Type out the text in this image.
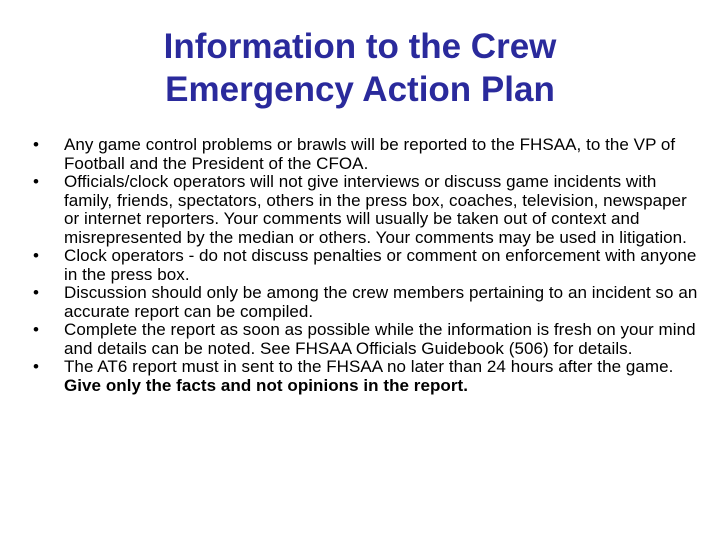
Information to the Crew
Emergency Action Plan
• Any game control problems or brawls will be reported to the FHSAA, to the VP of Football and the President of the CFOA.
• Officials/clock operators will not give interviews or discuss game incidents with family, friends, spectators, others in the press box, coaches, television, newspaper or internet reporters. Your comments will usually be taken out of context and misrepresented by the median or others. Your comments may be used in litigation.
• Clock operators - do not discuss penalties or comment on enforcement with anyone in the press box.
• Discussion should only be among the crew members pertaining to an incident so an accurate report can be compiled.
• Complete the report as soon as possible while the information is fresh on your mind and details can be noted. See FHSAA Officials Guidebook (506) for details.
• The AT6 report must in sent to the FHSAA no later than 24 hours after the game. Give only the facts and not opinions in the report.
